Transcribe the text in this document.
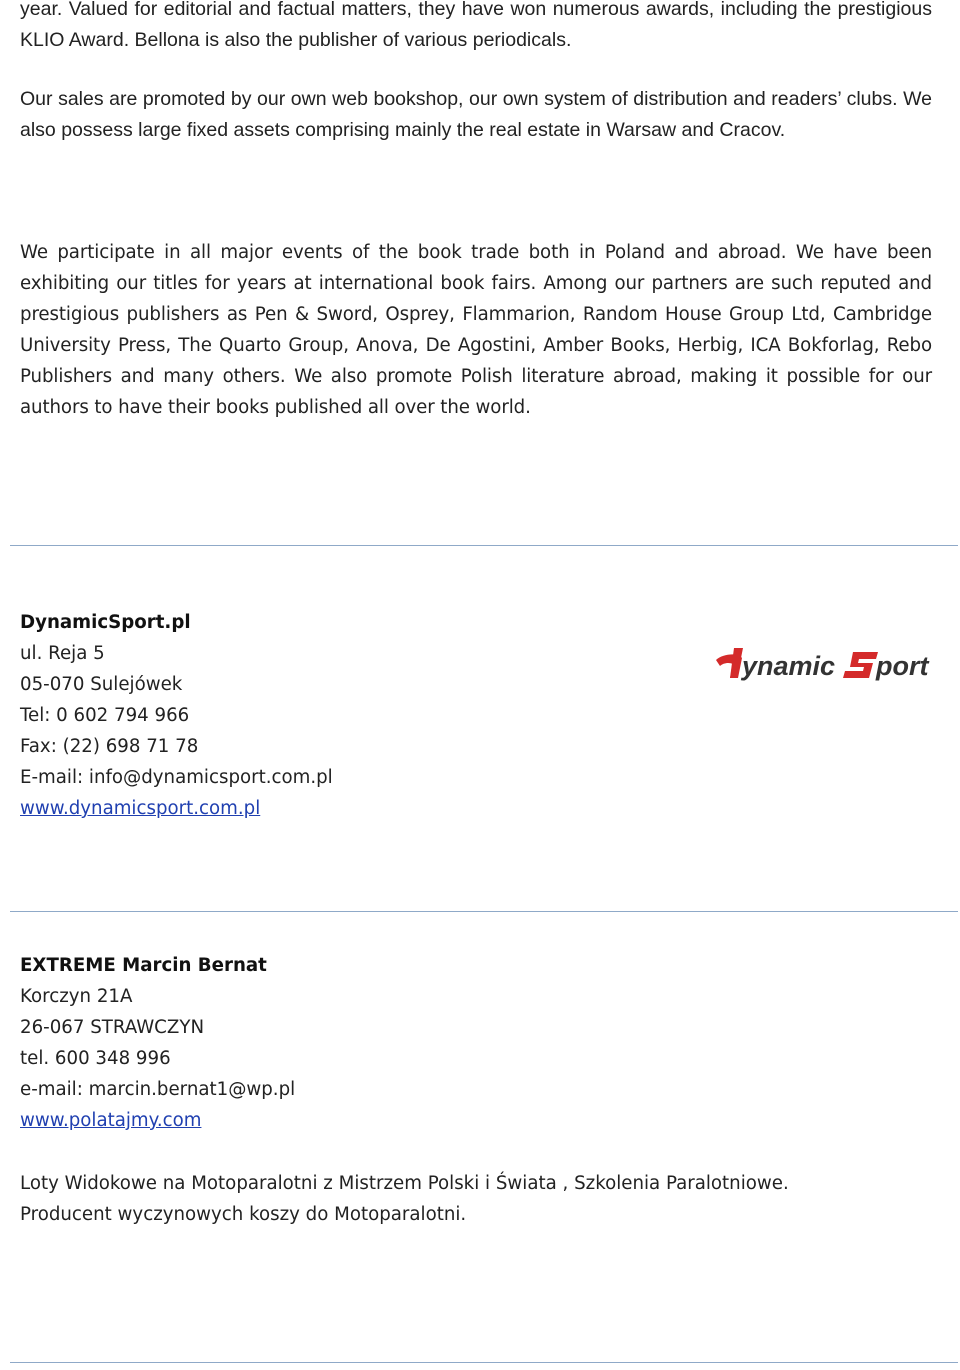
year. Valued for editorial and factual matters, they have won numerous awards, including the prestigious KLIO Award. Bellona is also the publisher of various periodicals.

Our sales are promoted by our own web bookshop, our own system of distribution and readers’ clubs. We also possess large fixed assets comprising mainly the real estate in Warsaw and Cracov.

We participate in all major events of the book trade both in Poland and abroad. We have been exhibiting our titles for years at international book fairs. Among our partners are such reputed and prestigious publishers as Pen & Sword, Osprey, Flammarion, Random House Group Ltd, Cambridge University Press, The Quarto Group, Anova, De Agostini, Amber Books, Herbig, ICA Bokforlag, Rebo Publishers and many others. We also promote Polish literature abroad, making it possible for our authors to have their books published all over the world.

DynamicSport.pl
ul. Reja 5
05-070 Sulejówek
Tel: 0 602 794 966
Fax: (22) 698 71 78
E-mail: info@dynamicsport.com.pl
www.dynamicsport.com.pl
ynamic port
EXTREME Marcin Bernat
Korczyn 21A
26-067 STRAWCZYN
tel. 600 348 996
e-mail: marcin.bernat1@wp.pl
www.polatajmy.com
Loty Widokowe na Motoparalotni z Mistrzem Polski i Świata , Szkolenia Paralotniowe.
Producent wyczynowych koszy do Motoparalotni.
